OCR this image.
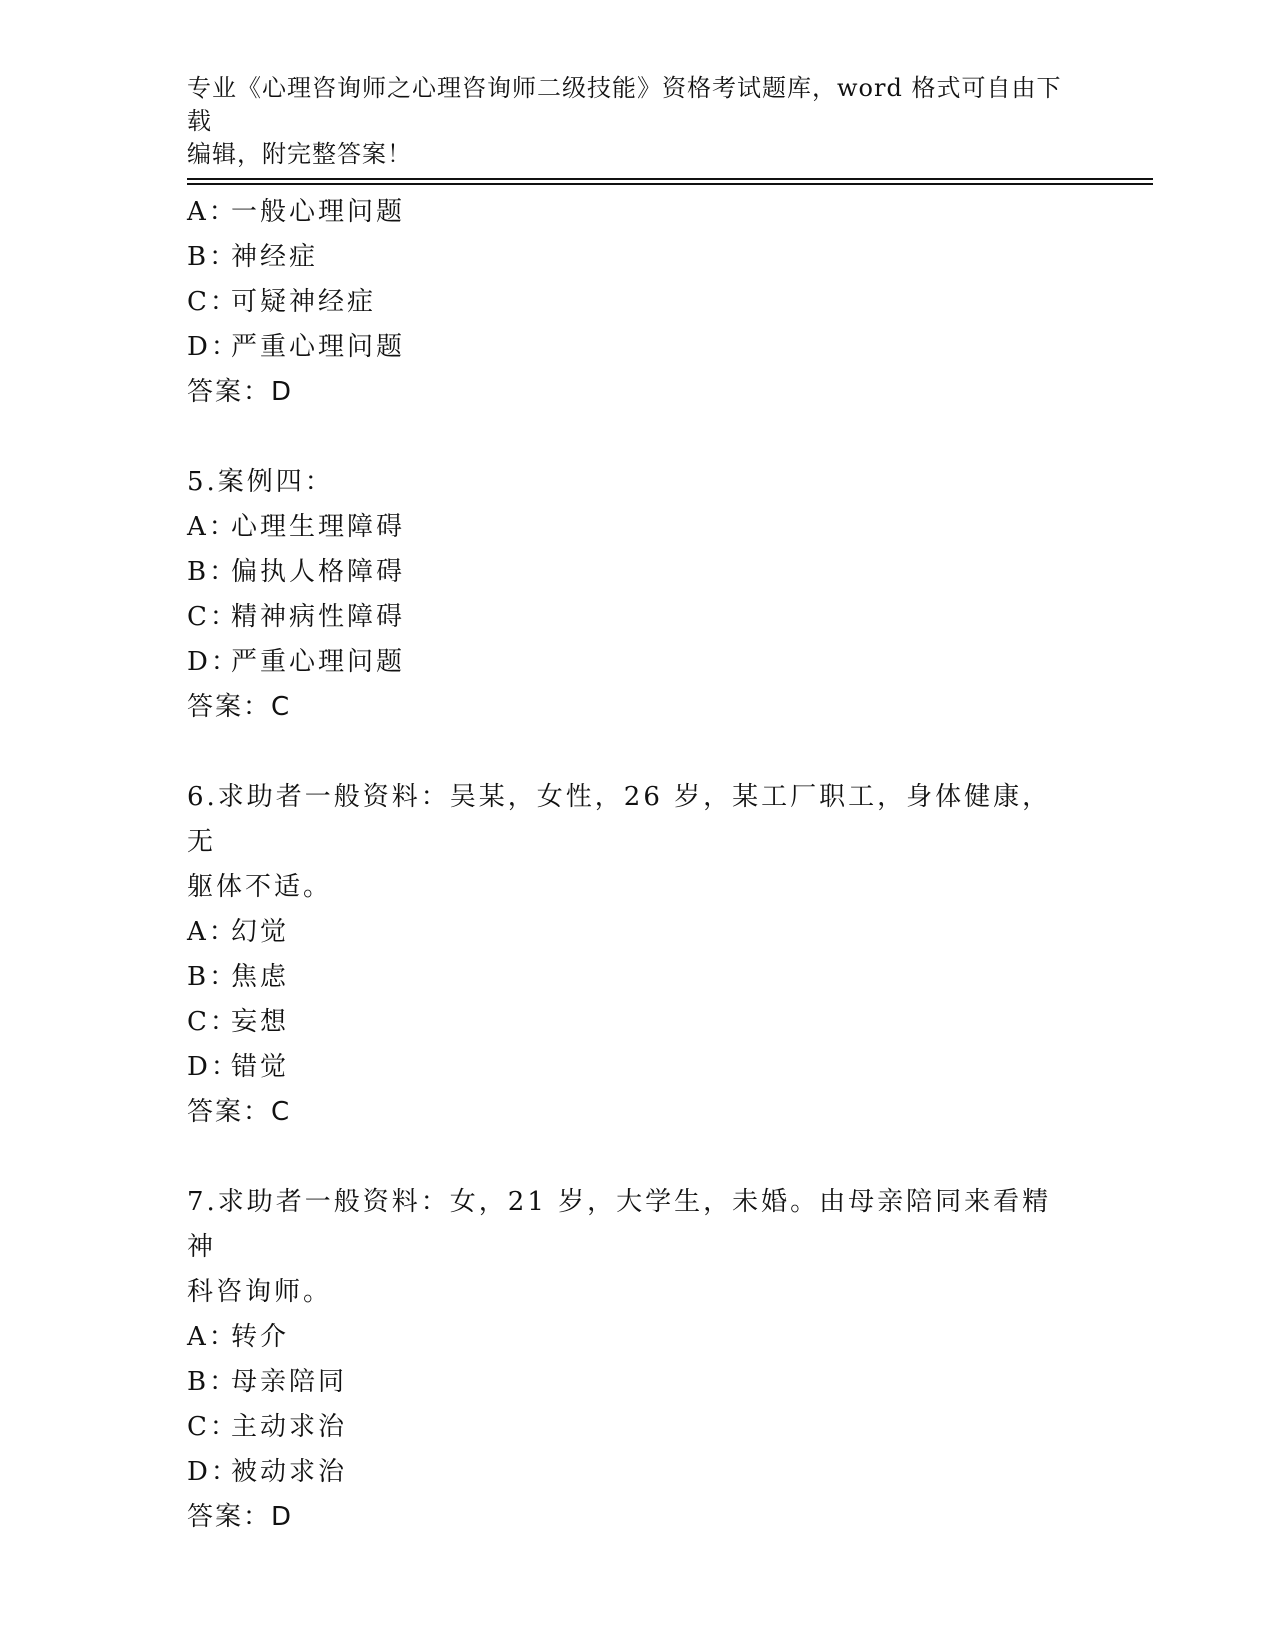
专业《心理咨询师之心理咨询师二级技能》资格考试题库，word 格式可自由下载
编辑，附完整答案！
A：
一般心理问题
B：
神经症
C：
可疑神经症
D：
严重心理问题
答案：D
5.案例四：
A：
心理生理障碍
B：
偏执人格障碍
C：
精神病性障碍
D：
严重心理问题
答案：C
6.求助者一般资料：吴某，女性，26 岁，某工厂职工，身体健康，无
躯体不适。
A：
幻觉
B：
焦虑
C：
妄想
D：
错觉
答案：C
7.求助者一般资料：女，21 岁，大学生，未婚。由母亲陪同来看精神
科咨询师。
A：
转介
B：
母亲陪同
C：
主动求治
D：
被动求治
答案：D
